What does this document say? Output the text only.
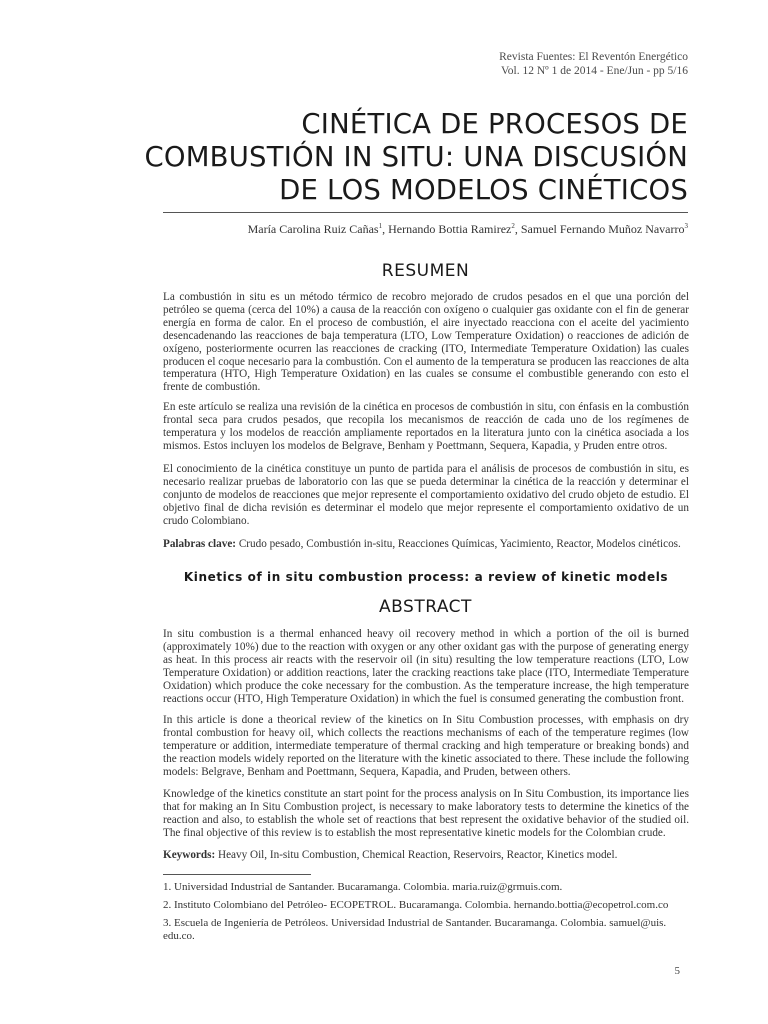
Revista Fuentes: El Reventón Energético
Vol. 12 Nº 1 de 2014 - Ene/Jun - pp 5/16
CINÉTICA DE PROCESOS DE
COMBUSTIÓN IN SITU: UNA DISCUSIÓN
DE LOS MODELOS CINÉTICOS
María Carolina Ruiz Cañas$^1$, Hernando Bottia Ramirez$^2$, Samuel Fernando Muñoz Navarro$^3$
RESUMEN
La combustión in situ es un método térmico de recobro mejorado de crudos pesados en el que una porción del petróleo se quema (cerca del 10%) a causa de la reacción con oxígeno o cualquier gas oxidante con el fin de generar energía en forma de calor. En el proceso de combustión, el aire inyectado reacciona con el aceite del yacimiento desencadenando las reacciones de baja temperatura (LTO, Low Temperature Oxidation) o reacciones de adición de oxígeno, posteriormente ocurren las reacciones de cracking (ITO, Intermediate Temperature Oxidation) las cuales producen el coque necesario para la combustión. Con el aumento de la temperatura se producen las reacciones de alta temperatura (HTO, High Temperature Oxidation) en las cuales se consume el combustible generando con esto el frente de combustión.
En este artículo se realiza una revisión de la cinética en procesos de combustión in situ, con énfasis en la combustión frontal seca para crudos pesados, que recopila los mecanismos de reacción de cada uno de los regímenes de temperatura y los modelos de reacción ampliamente reportados en la literatura junto con la cinética asociada a los mismos. Estos incluyen los modelos de Belgrave, Benham y Poettmann, Sequera, Kapadia, y Pruden entre otros.
El conocimiento de la cinética constituye un punto de partida para el análisis de procesos de combustión in situ, es necesario realizar pruebas de laboratorio con las que se pueda determinar la cinética de la reacción y determinar el conjunto de modelos de reacciones que mejor represente el comportamiento oxidativo del crudo objeto de estudio. El objetivo final de dicha revisión es determinar el modelo que mejor represente el comportamiento oxidativo de un crudo Colombiano.
Palabras clave: Crudo pesado, Combustión in-situ, Reacciones Químicas, Yacimiento, Reactor, Modelos cinéticos.
Kinetics of in situ combustion process: a review of kinetic models
ABSTRACT
In situ combustion is a thermal enhanced heavy oil recovery method in which a portion of the oil is burned (approximately 10%) due to the reaction with oxygen or any other oxidant gas with the purpose of generating energy as heat. In this process air reacts with the reservoir oil (in situ) resulting the low temperature reactions (LTO, Low Temperature Oxidation) or addition reactions, later the cracking reactions take place (ITO, Intermediate Temperature Oxidation) which produce the coke necessary for the combustion. As the temperature increase, the high temperature reactions occur (HTO, High Temperature Oxidation) in which the fuel is consumed generating the combustion front.
In this article is done a theorical review of the kinetics on In Situ Combustion processes, with emphasis on dry frontal combustion for heavy oil, which collects the reactions mechanisms of each of the temperature regimes (low temperature or addition, intermediate temperature of thermal cracking and high temperature or breaking bonds) and the reaction models widely reported on the literature with the kinetic associated to there. These include the following models: Belgrave, Benham and Poettmann, Sequera, Kapadia, and Pruden, between others.
Knowledge of the kinetics constitute an start point for the process analysis on In Situ Combustion, its importance lies that for making an In Situ Combustion project, is necessary to make laboratory tests to determine the kinetics of the reaction and also, to establish the whole set of reactions that best represent the oxidative behavior of the studied oil. The final objective of this review is to establish the most representative kinetic models for the Colombian crude.
Keywords: Heavy Oil, In-situ Combustion, Chemical Reaction, Reservoirs, Reactor, Kinetics model.
1. Universidad Industrial de Santander. Bucaramanga. Colombia. maria.ruiz@grmuis.com.
2. Instituto Colombiano del Petróleo- ECOPETROL. Bucaramanga. Colombia. hernando.bottia@ecopetrol.com.co
3. Escuela de Ingeniería de Petróleos. Universidad Industrial de Santander. Bucaramanga. Colombia. samuel@uis. edu.co.
5
